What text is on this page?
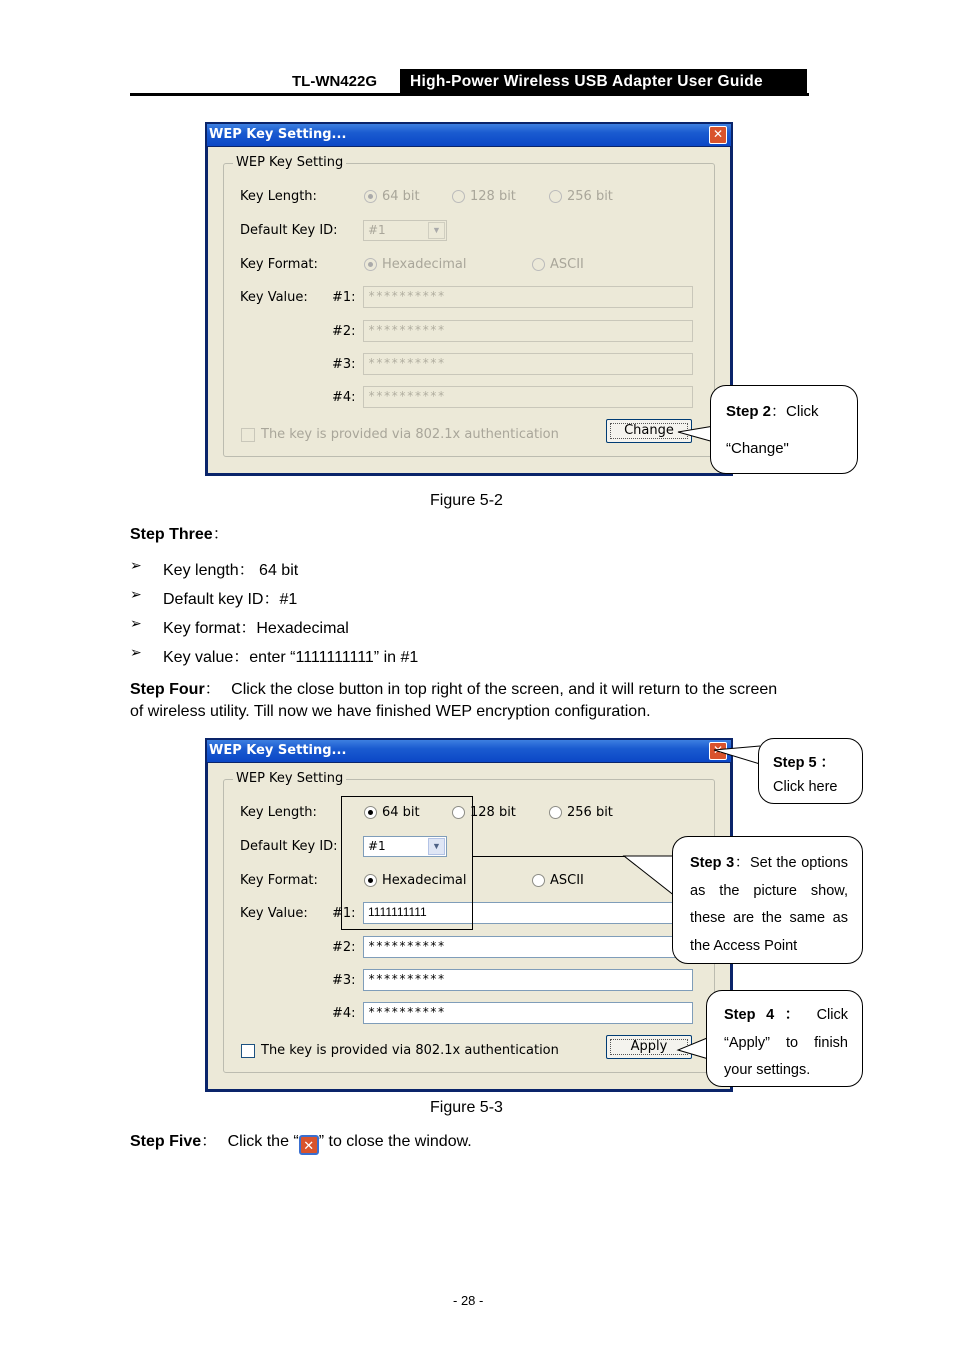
TL-WN422G	High-Power Wireless USB Adapter User Guide
WEP Key Setting...	✕
WEP Key Setting
Key Length:	64 bit	128 bit	256 bit
Default Key ID:	#1	▼
Key Format:	Hexadecimal	ASCII
Key Value: #1: **********
#2: **********
#3: **********
#4: **********
The key is provided via 802.1x authentication	Change
Step 2：Click
“Change"
Figure 5-2
Step Three：
➢ Key length： 64 bit
➢ Default key ID：#1
➢ Key format：Hexadecimal
➢ Key value：enter “1111111111” in #1
Step Four： Click the close button in top right of the screen, and it will return to the screen
of wireless utility. Till now we have finished WEP encryption configuration.
WEP Key Setting...
WEP Key Setting
Key Length:	64 bit	128 bit	256 bit
Default Key ID:	#1	▼
Key Format:	Hexadecimal	ASCII
Key Value: #1: 1111111111
#2: **********
#3: **********
#4: **********
The key is provided via 802.1x authentication	Apply
Step 5 ：
Click here
Step 3：Set the options as the picture show, these are the same as the Access Point
Step 4 ： Click “Apply” to finish your settings.
Figure 5-3
Step Five： Click the “ ✕ ” to close the window.
- 28 -
